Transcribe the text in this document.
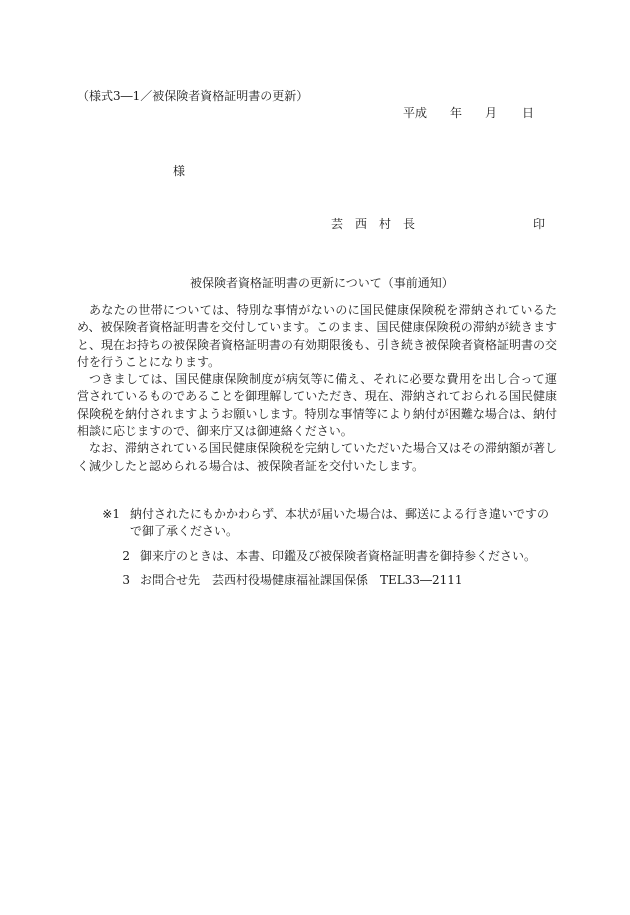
（様式3―1／被保険者資格証明書の更新）
平成 年 月 日
様
芸　西　村　長	印
被保険者資格証明書の更新について（事前通知）

あなたの世帯については、特別な事情がないのに国民健康保険税を滞納されているため、被保険者資格証明書を交付しています。このまま、国民健康保険税の滞納が続きますと、現在お持ちの被保険者資格証明書の有効期限後も、引き続き被保険者資格証明書の交付を行うことになります。

つきましては、国民健康保険制度が病気等に備え、それに必要な費用を出し合って運営されているものであることを御理解していただき、現在、滞納されておられる国民健康保険税を納付されますようお願いします。特別な事情等により納付が困難な場合は、納付相談に応じますので、御来庁又は御連絡ください。

なお、滞納されている国民健康保険税を完納していただいた場合又はその滞納額が著しく減少したと認められる場合は、被保険者証を交付いたします。

※1 納付されたにもかかわらず、本状が届いた場合は、郵送による行き違いですので御了承ください。
2 御来庁のときは、本書、印鑑及び被保険者資格証明書を御持参ください。
3 お問合せ先　芸西村役場健康福祉課国保係　TEL33―2111
